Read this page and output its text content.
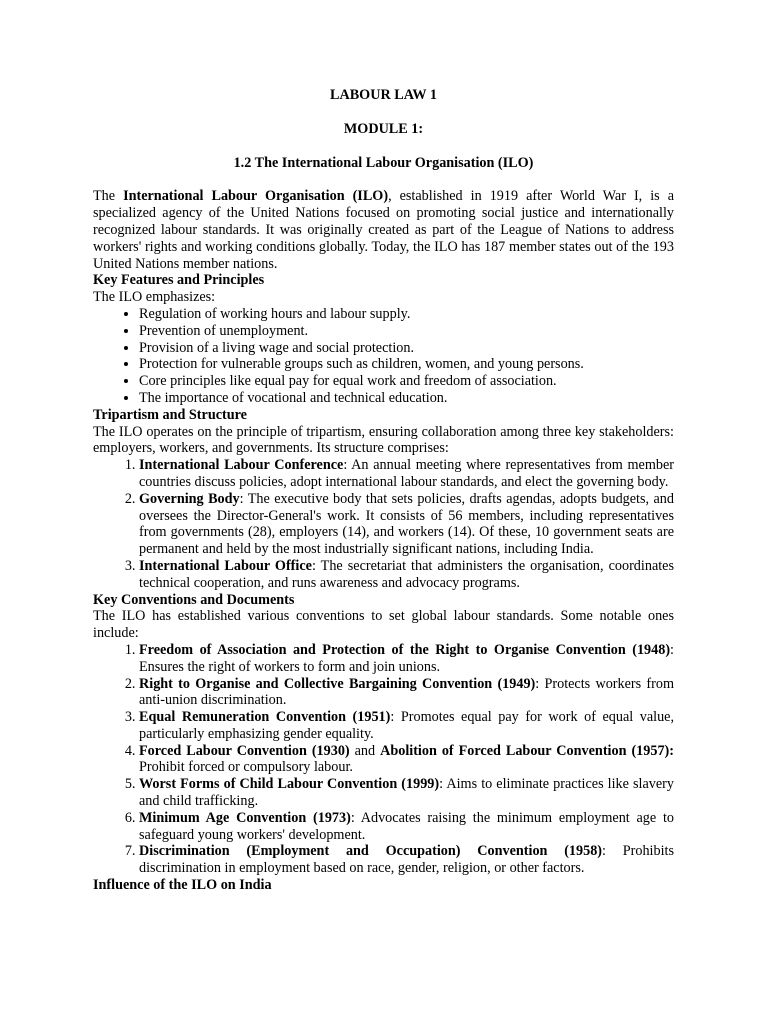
LABOUR LAW 1

MODULE 1:

1.2 The International Labour Organisation (ILO)

The International Labour Organisation (ILO), established in 1919 after World War I, is a specialized agency of the United Nations focused on promoting social justice and internationally recognized labour standards. It was originally created as part of the League of Nations to address workers' rights and working conditions globally. Today, the ILO has 187 member states out of the 193 United Nations member nations.

Key Features and Principles

The ILO emphasizes:

• Regulation of working hours and labour supply.
• Prevention of unemployment.
• Provision of a living wage and social protection.
• Protection for vulnerable groups such as children, women, and young persons.
• Core principles like equal pay for equal work and freedom of association.
• The importance of vocational and technical education.
Tripartism and Structure

The ILO operates on the principle of tripartism, ensuring collaboration among three key stakeholders: employers, workers, and governments. Its structure comprises:

1. International Labour Conference: An annual meeting where representatives from member countries discuss policies, adopt international labour standards, and elect the governing body.
2. Governing Body: The executive body that sets policies, drafts agendas, adopts budgets, and oversees the Director-General's work. It consists of 56 members, including representatives from governments (28), employers (14), and workers (14). Of these, 10 government seats are permanent and held by the most industrially significant nations, including India.
3. International Labour Office: The secretariat that administers the organisation, coordinates technical cooperation, and runs awareness and advocacy programs.
Key Conventions and Documents

The ILO has established various conventions to set global labour standards. Some notable ones include:

1. Freedom of Association and Protection of the Right to Organise Convention (1948): Ensures the right of workers to form and join unions.
2. Right to Organise and Collective Bargaining Convention (1949): Protects workers from anti-union discrimination.
3. Equal Remuneration Convention (1951): Promotes equal pay for work of equal value, particularly emphasizing gender equality.
4. Forced Labour Convention (1930) and Abolition of Forced Labour Convention (1957): Prohibit forced or compulsory labour.
5. Worst Forms of Child Labour Convention (1999): Aims to eliminate practices like slavery and child trafficking.
6. Minimum Age Convention (1973): Advocates raising the minimum employment age to safeguard young workers' development.
7. Discrimination (Employment and Occupation) Convention (1958): Prohibits discrimination in employment based on race, gender, religion, or other factors.
Influence of the ILO on India
